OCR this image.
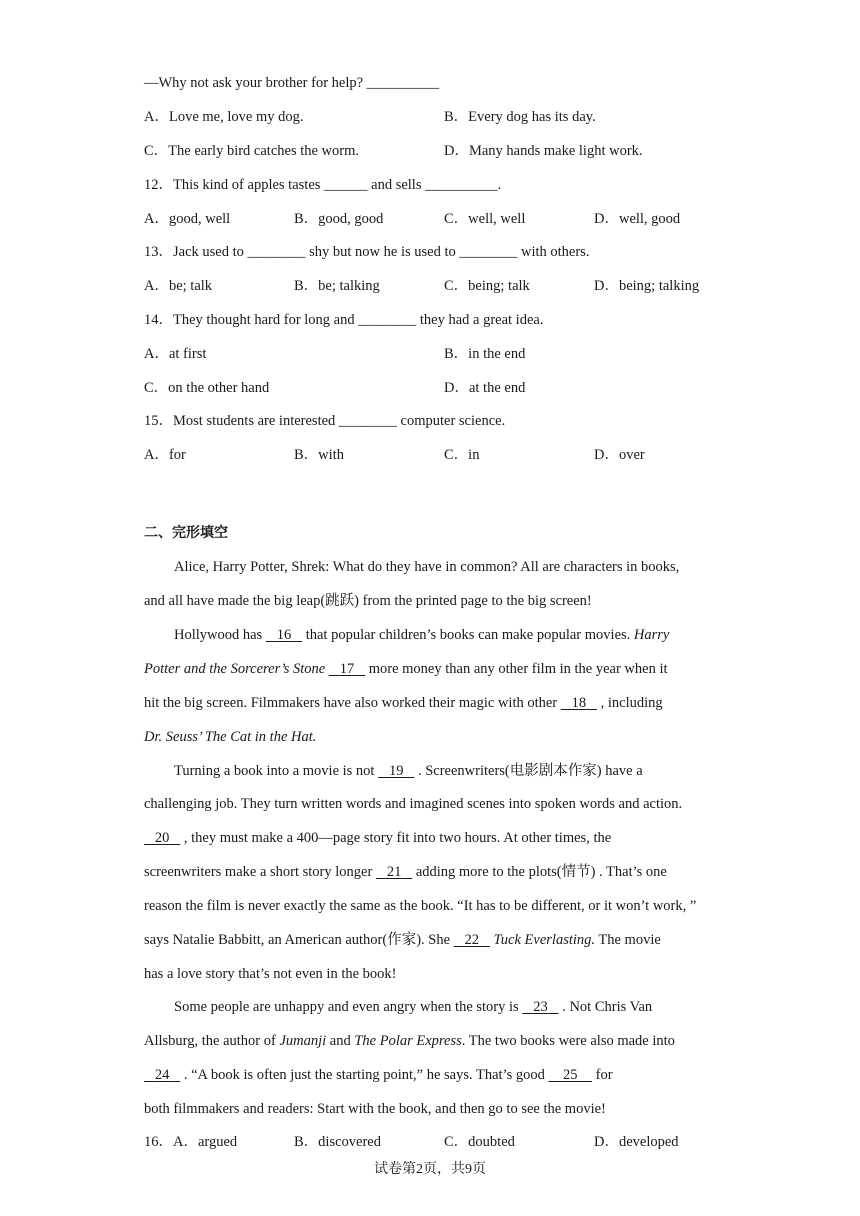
—Why not ask your brother for help? __________
A．Love me, love my dog.	B．Every dog has its day.
C．The early bird catches the worm.	D．Many hands make light work.
12．This kind of apples tastes ______ and sells __________.
A．good, well	B．good, good	C．well, well	D．well, good
13．Jack used to ________ shy but now he is used to ________ with others.
A．be; talk	B．be; talking	C．being; talk	D．being; talking
14．They thought hard for long and ________ they had a great idea.
A．at first	B．in the end
C．on the other hand	D．at the end
15．Most students are interested ________ computer science.
A．for	B．with	C．in	D．over
二、完形填空
Alice, Harry Potter, Shrek: What do they have in common? All are characters in books,
and all have made the big leap(跳跃) from the printed page to the big screen!
Hollywood has    16    that popular children’s books can make popular movies. Harry
Potter and the Sorcerer’s Stone 17    more money than any other film in the year when it
hit the big screen. Filmmakers have also worked their magic with other    18    , including
Dr. Seuss’ The Cat in the Hat.
Turning a book into a movie is not    19    . Screenwriters(电影剧本作家) have a
challenging job. They turn written words and imagined scenes into spoken words and action.
20    , they must make a 400—page story fit into two hours. At other times, the
screenwriters make a short story longer    21    adding more to the plots(情节) . That’s one
reason the film is never exactly the same as the book. “It has to be different, or it won’t work, ”
says Natalie Babbitt, an American author(作家). She    22 Tuck Everlasting. The movie
has a love story that’s not even in the book!
Some people are unhappy and even angry when the story is    23    . Not Chris Van
Allsburg, the author of Jumanji and The Polar Express. The two books were also made into
24    . “A book is often just the starting point,” he says. That’s good     25     for
both filmmakers and readers: Start with the book, and then go to see the movie!
16．A．argued	B．discovered	C．doubted	D．developed
试卷第2页，共9页
